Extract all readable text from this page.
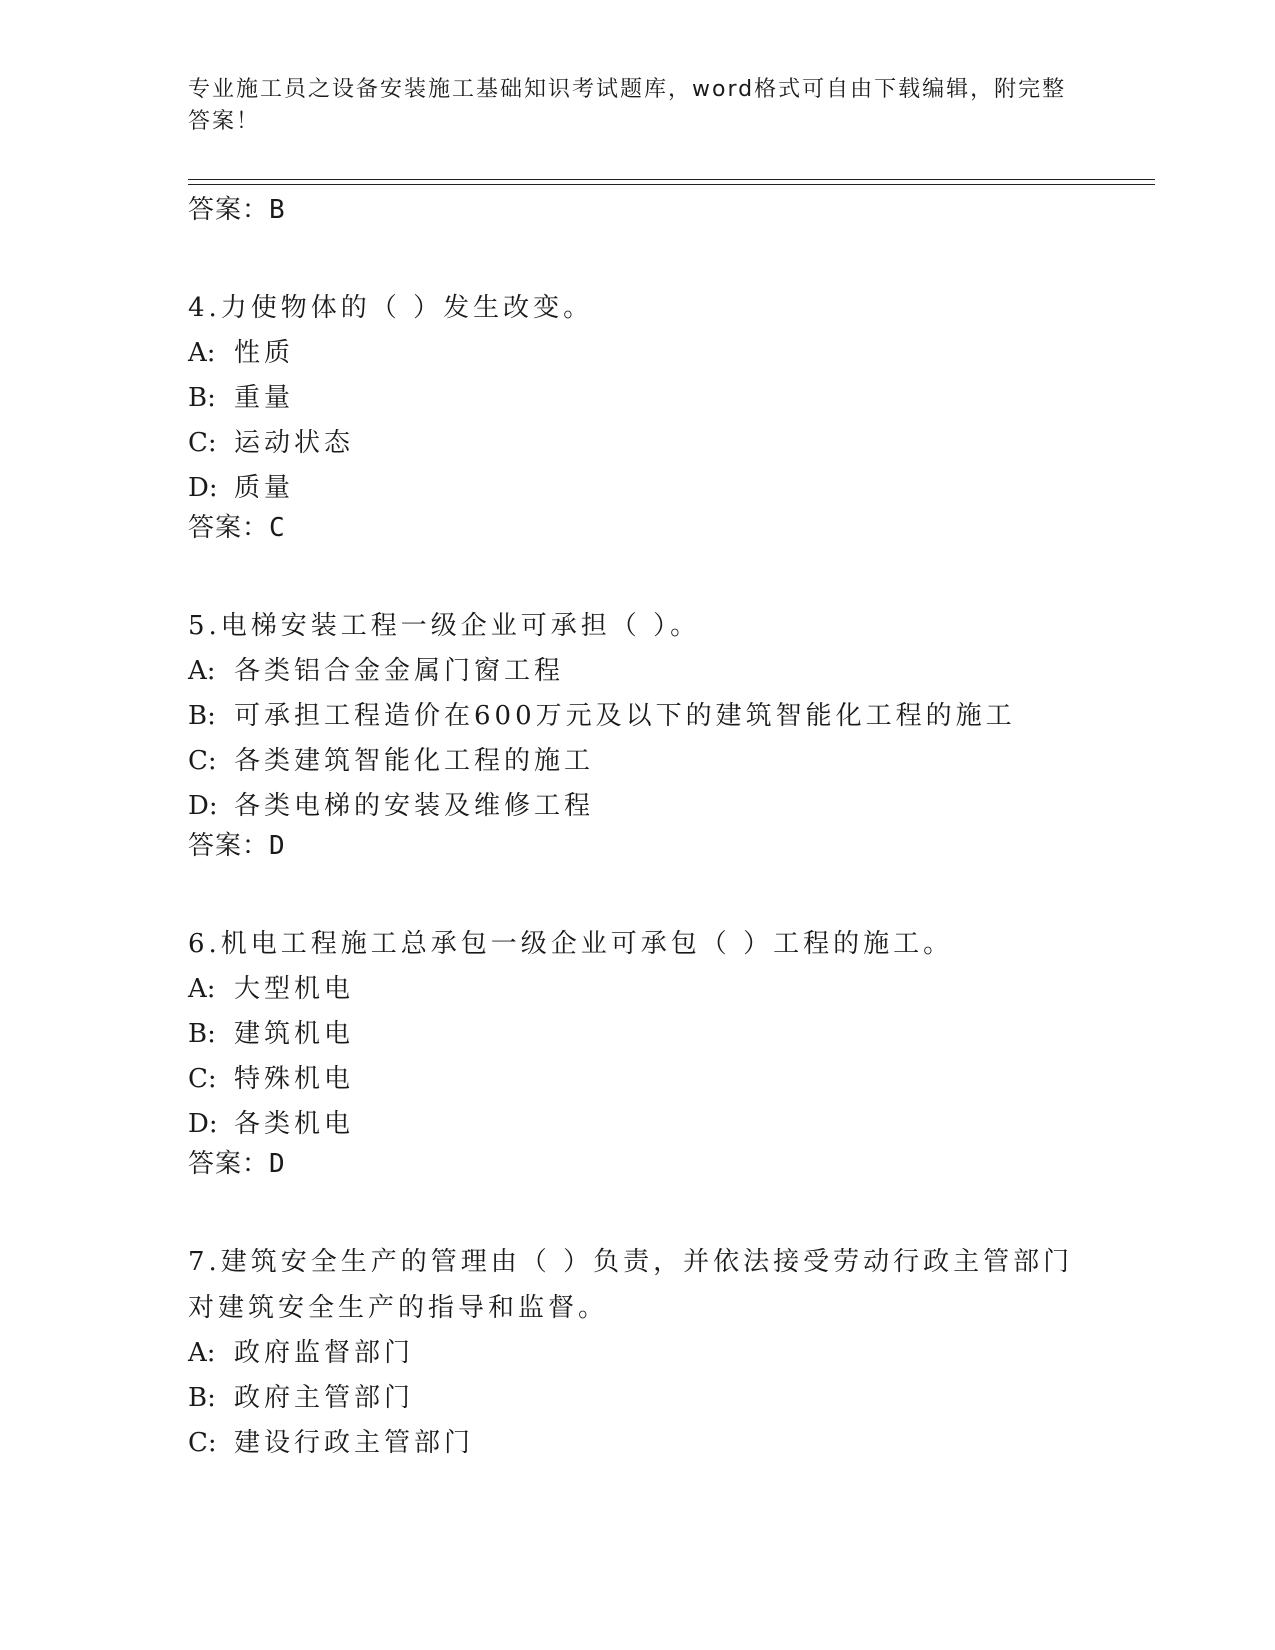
专业施工员之设备安装施工基础知识考试题库，word格式可自由下载编辑，附完整答案！

答案：B

4.力使物体的（ ）发生改变。

A: 性质

B: 重量

C: 运动状态

D: 质量

答案：C

5.电梯安装工程一级企业可承担（ ）。

A: 各类铝合金金属门窗工程

B: 可承担工程造价在600万元及以下的建筑智能化工程的施工

C: 各类建筑智能化工程的施工

D: 各类电梯的安装及维修工程

答案：D

6.机电工程施工总承包一级企业可承包（ ）工程的施工。

A: 大型机电

B: 建筑机电

C: 特殊机电

D: 各类机电

答案：D

7.建筑安全生产的管理由（ ）负责，并依法接受劳动行政主管部门对建筑安全生产的指导和监督。

A: 政府监督部门

B: 政府主管部门

C: 建设行政主管部门
